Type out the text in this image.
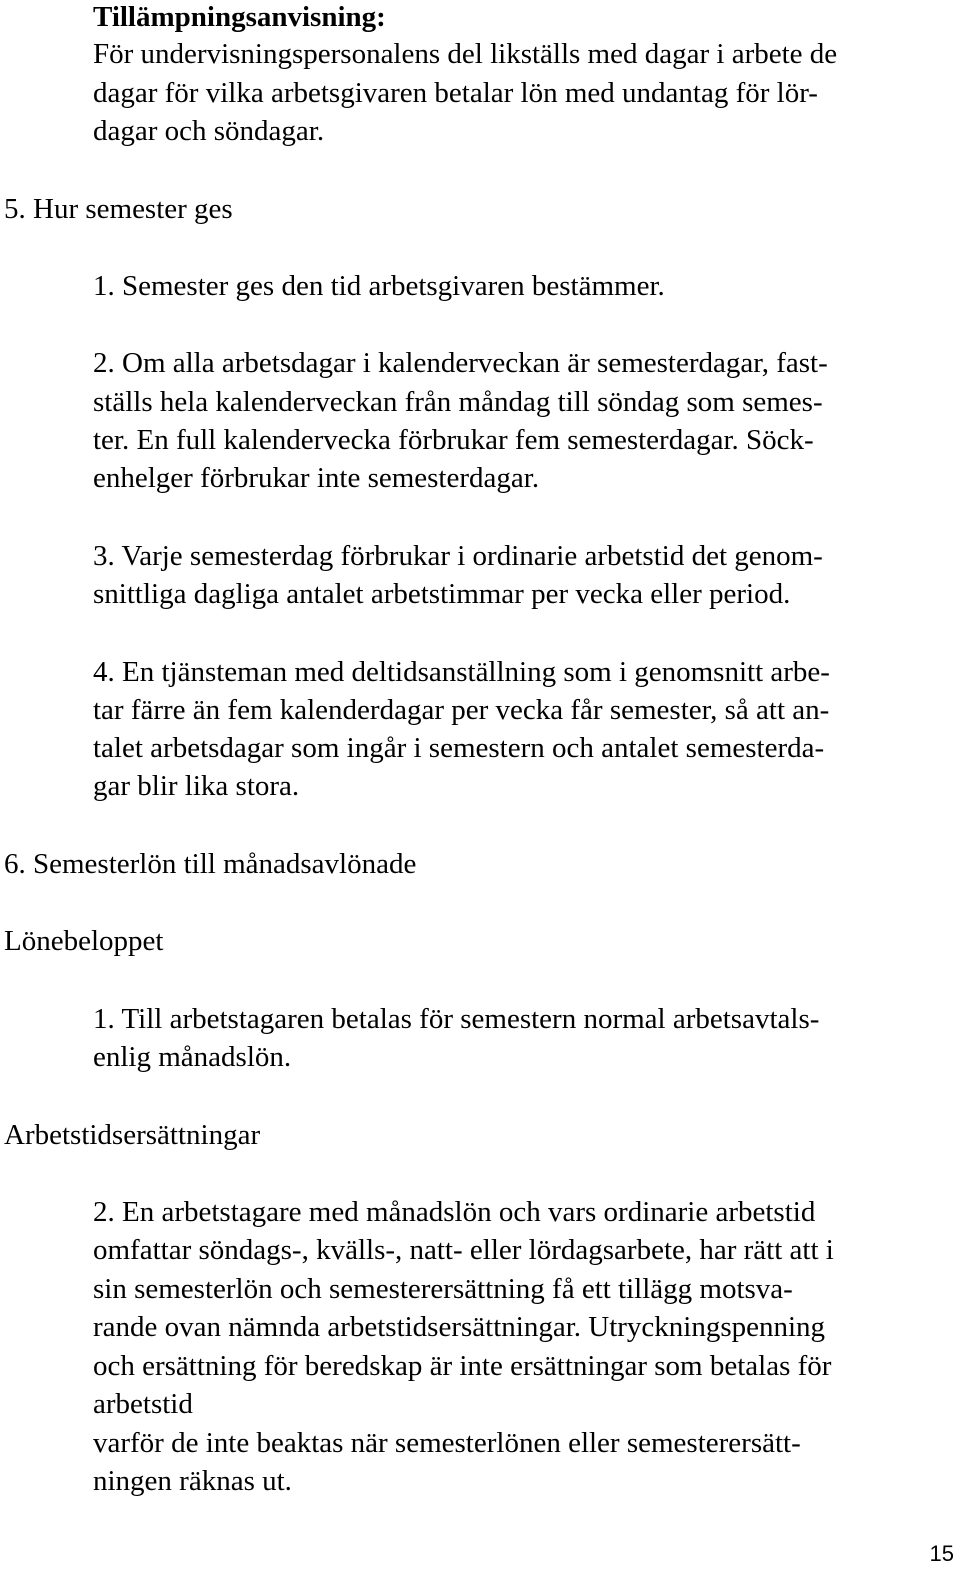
Tillämpningsanvisning:

För undervisningspersonalens del likställs med dagar i arbete de

dagar för vilka arbetsgivaren betalar lön med undantag för lör-

dagar och söndagar.

5. Hur semester ges

1. Semester ges den tid arbetsgivaren bestämmer.

2. Om alla arbetsdagar i kalenderveckan är semesterdagar, fast-

ställs hela kalenderveckan från måndag till söndag som semes-

ter. En full kalendervecka förbrukar fem semesterdagar. Söck-

enhelger förbrukar inte semesterdagar.

3. Varje semesterdag förbrukar i ordinarie arbetstid det genom-

snittliga dagliga antalet arbetstimmar per vecka eller period.

4. En tjänsteman med deltidsanställning som i genomsnitt arbe-

tar färre än fem kalenderdagar per vecka får semester, så att an-

talet arbetsdagar som ingår i semestern och antalet semesterda-

gar blir lika stora.

6. Semesterlön till månadsavlönade

Lönebeloppet

1. Till arbetstagaren betalas för semestern normal arbetsavtals-

enlig månadslön.

Arbetstidsersättningar

2. En arbetstagare med månadslön och vars ordinarie arbetstid

omfattar söndags-, kvälls-, natt- eller lördagsarbete, har rätt att i

sin semesterlön och semesterersättning få ett tillägg motsva-

rande ovan nämnda arbetstidsersättningar. Utryckningspenning

och ersättning för beredskap är inte ersättningar som betalas för

arbetstid

varför de inte beaktas när semesterlönen eller semesterersätt-

ningen räknas ut.

15
